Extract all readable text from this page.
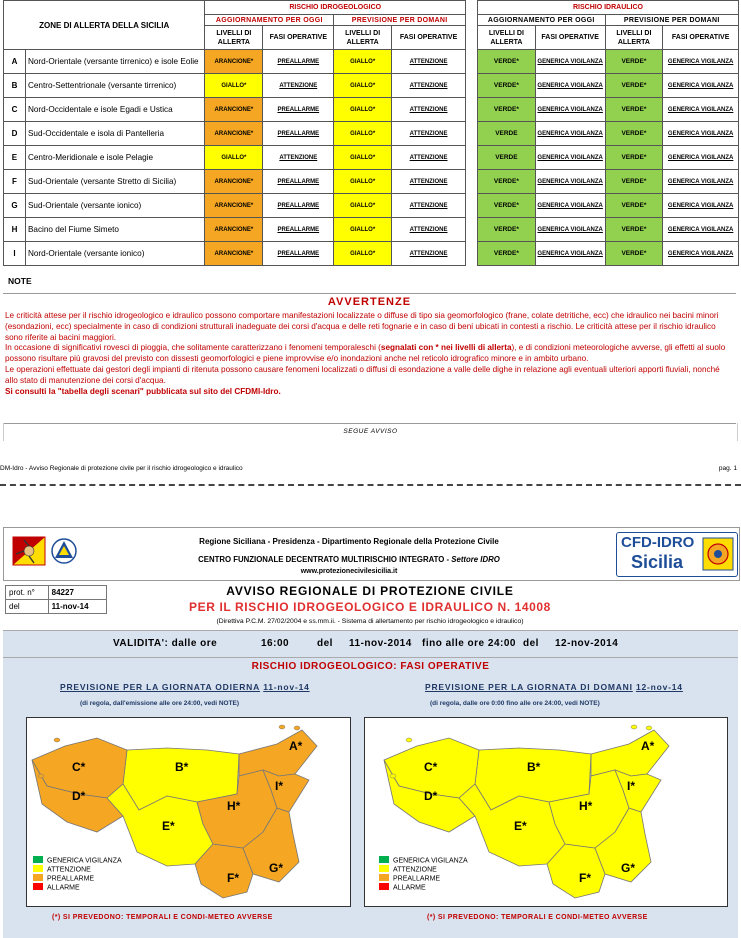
ZONE DI ALLERTA DELLA SICILIA		RISCHIO IDROGEOLOGICO			
		AGGIORNAMENTO PER OGGI		PREVISIONE PER DOMANI	
		LIVELLI DI ALLERTA	FASI OPERATIVE	LIVELLI DI ALLERTA	FASI OPERATIVE
A	Nord-Orientale (versante tirrenico) e isole Eolie	ARANCIONE*	PREALLARME	GIALLO*	ATTENZIONE
B	Centro-Settentrionale (versante tirrenico)	GIALLO*	ATTENZIONE	GIALLO*	ATTENZIONE
C	Nord-Occidentale e isole Egadi e Ustica	ARANCIONE*	PREALLARME	GIALLO*	ATTENZIONE
D	Sud-Occidentale e isola di Pantelleria	ARANCIONE*	PREALLARME	GIALLO*	ATTENZIONE
E	Centro-Meridionale e isole Pelagie	GIALLO*	ATTENZIONE	GIALLO*	ATTENZIONE
F	Sud-Orientale (versante Stretto di Sicilia)	ARANCIONE*	PREALLARME	GIALLO*	ATTENZIONE
G	Sud-Orientale (versante ionico)	ARANCIONE*	PREALLARME	GIALLO*	ATTENZIONE
H	Bacino del Fiume Simeto	ARANCIONE*	PREALLARME	GIALLO*	ATTENZIONE
I	Nord-Orientale (versante ionico)	ARANCIONE*	PREALLARME	GIALLO*	ATTENZIONE
RISCHIO IDRAULICO			
AGGIORNAMENTO PER OGGI		PREVISIONE PER DOMANI	
LIVELLI DI ALLERTA	FASI OPERATIVE	LIVELLI DI ALLERTA	FASI OPERATIVE
VERDE*	GENERICA VIGILANZA	VERDE*	GENERICA VIGILANZA
VERDE*	GENERICA VIGILANZA	VERDE*	GENERICA VIGILANZA
VERDE*	GENERICA VIGILANZA	VERDE*	GENERICA VIGILANZA
VERDE	GENERICA VIGILANZA	VERDE*	GENERICA VIGILANZA
VERDE	GENERICA VIGILANZA	VERDE*	GENERICA VIGILANZA
VERDE*	GENERICA VIGILANZA	VERDE*	GENERICA VIGILANZA
VERDE*	GENERICA VIGILANZA	VERDE*	GENERICA VIGILANZA
VERDE*	GENERICA VIGILANZA	VERDE*	GENERICA VIGILANZA
VERDE*	GENERICA VIGILANZA	VERDE*	GENERICA VIGILANZA
NOTE
AVVERTENZE
Le criticità attese per il rischio idrogeologico e idraulico possono comportare manifestazioni localizzate o diffuse di tipo sia geomorfologico (frane, colate detritiche, ecc) che idraulico nei bacini minori (esondazioni, ecc) specialmente in caso di condizioni strutturali inadeguate dei corsi d'acqua e delle reti fognarie e in caso di beni ubicati in contesti a rischio. Le criticità attese per il rischio idraulico sono riferite ai bacini maggiori.
In occasione di significativi rovesci di pioggia, che solitamente caratterizzano i fenomeni temporaleschi (segnalati con * nei livelli di allerta), e di condizioni meteorologiche avverse, gli effetti al suolo possono risultare più gravosi del previsto con dissesti geomorfologici e piene improvvise e/o inondazioni anche nel reticolo idrografico minore e in ambito urbano.
Le operazioni effettuate dai gestori degli impianti di ritenuta possono causare fenomeni localizzati o diffusi di esondazione a valle delle dighe in relazione agli eventuali ulteriori apporti fluviali, nonché allo stato di manutenzione dei corsi d'acqua.
Si consulti la "tabella degli scenari" pubblicata sul sito del CFDMI-Idro.
SEGUE AVVISO
DM-Idro - Avviso Regionale di protezione civile per il rischio idrogeologico e idraulico	pag. 1
Regione Siciliana - Presidenza - Dipartimento Regionale della Protezione Civile
CENTRO FUNZIONALE DECENTRATO MULTIRISCHIO INTEGRATO - Settore IDRO
www.protezionecivilesicilia.it
CFD-IDRO
Sicilia
prot. n°	84227
del	11-nov-14
AVVISO REGIONALE DI PROTEZIONE CIVILE
PER IL RISCHIO IDROGEOLOGICO E IDRAULICO N. 14008
(Direttiva P.C.M. 27/02/2004 e ss.mm.ii. - Sistema di allertamento per rischio idrogeologico e idraulico)
VALIDITA': dalle ore	16:00	del 11-nov-2014 fino alle ore 24:00 del 12-nov-2014
RISCHIO IDROGEOLOGICO: FASI OPERATIVE
PREVISIONE PER LA GIORNATA ODIERNA 11-nov-14
(di regola, dall'emissione alle ore 24:00, vedi NOTE)
PREVISIONE PER LA GIORNATA DI DOMANI 12-nov-14
(di regola, dalle ore 0:00 fino alle ore 24:00, vedi NOTE)
A*
B*
C*
D*
E*
F*
G*
H*
I*
GENERICA VIGILANZA
ATTENZIONE
PREALLARME
ALLARME
A*
B*
C*
D*
E*
F*
G*
H*
I*
GENERICA VIGILANZA
ATTENZIONE
PREALLARME
ALLARME
(*) SI PREVEDONO: TEMPORALI E CONDI-METEO AVVERSE	(*) SI PREVEDONO: TEMPORALI E CONDI-METEO AVVERSE
